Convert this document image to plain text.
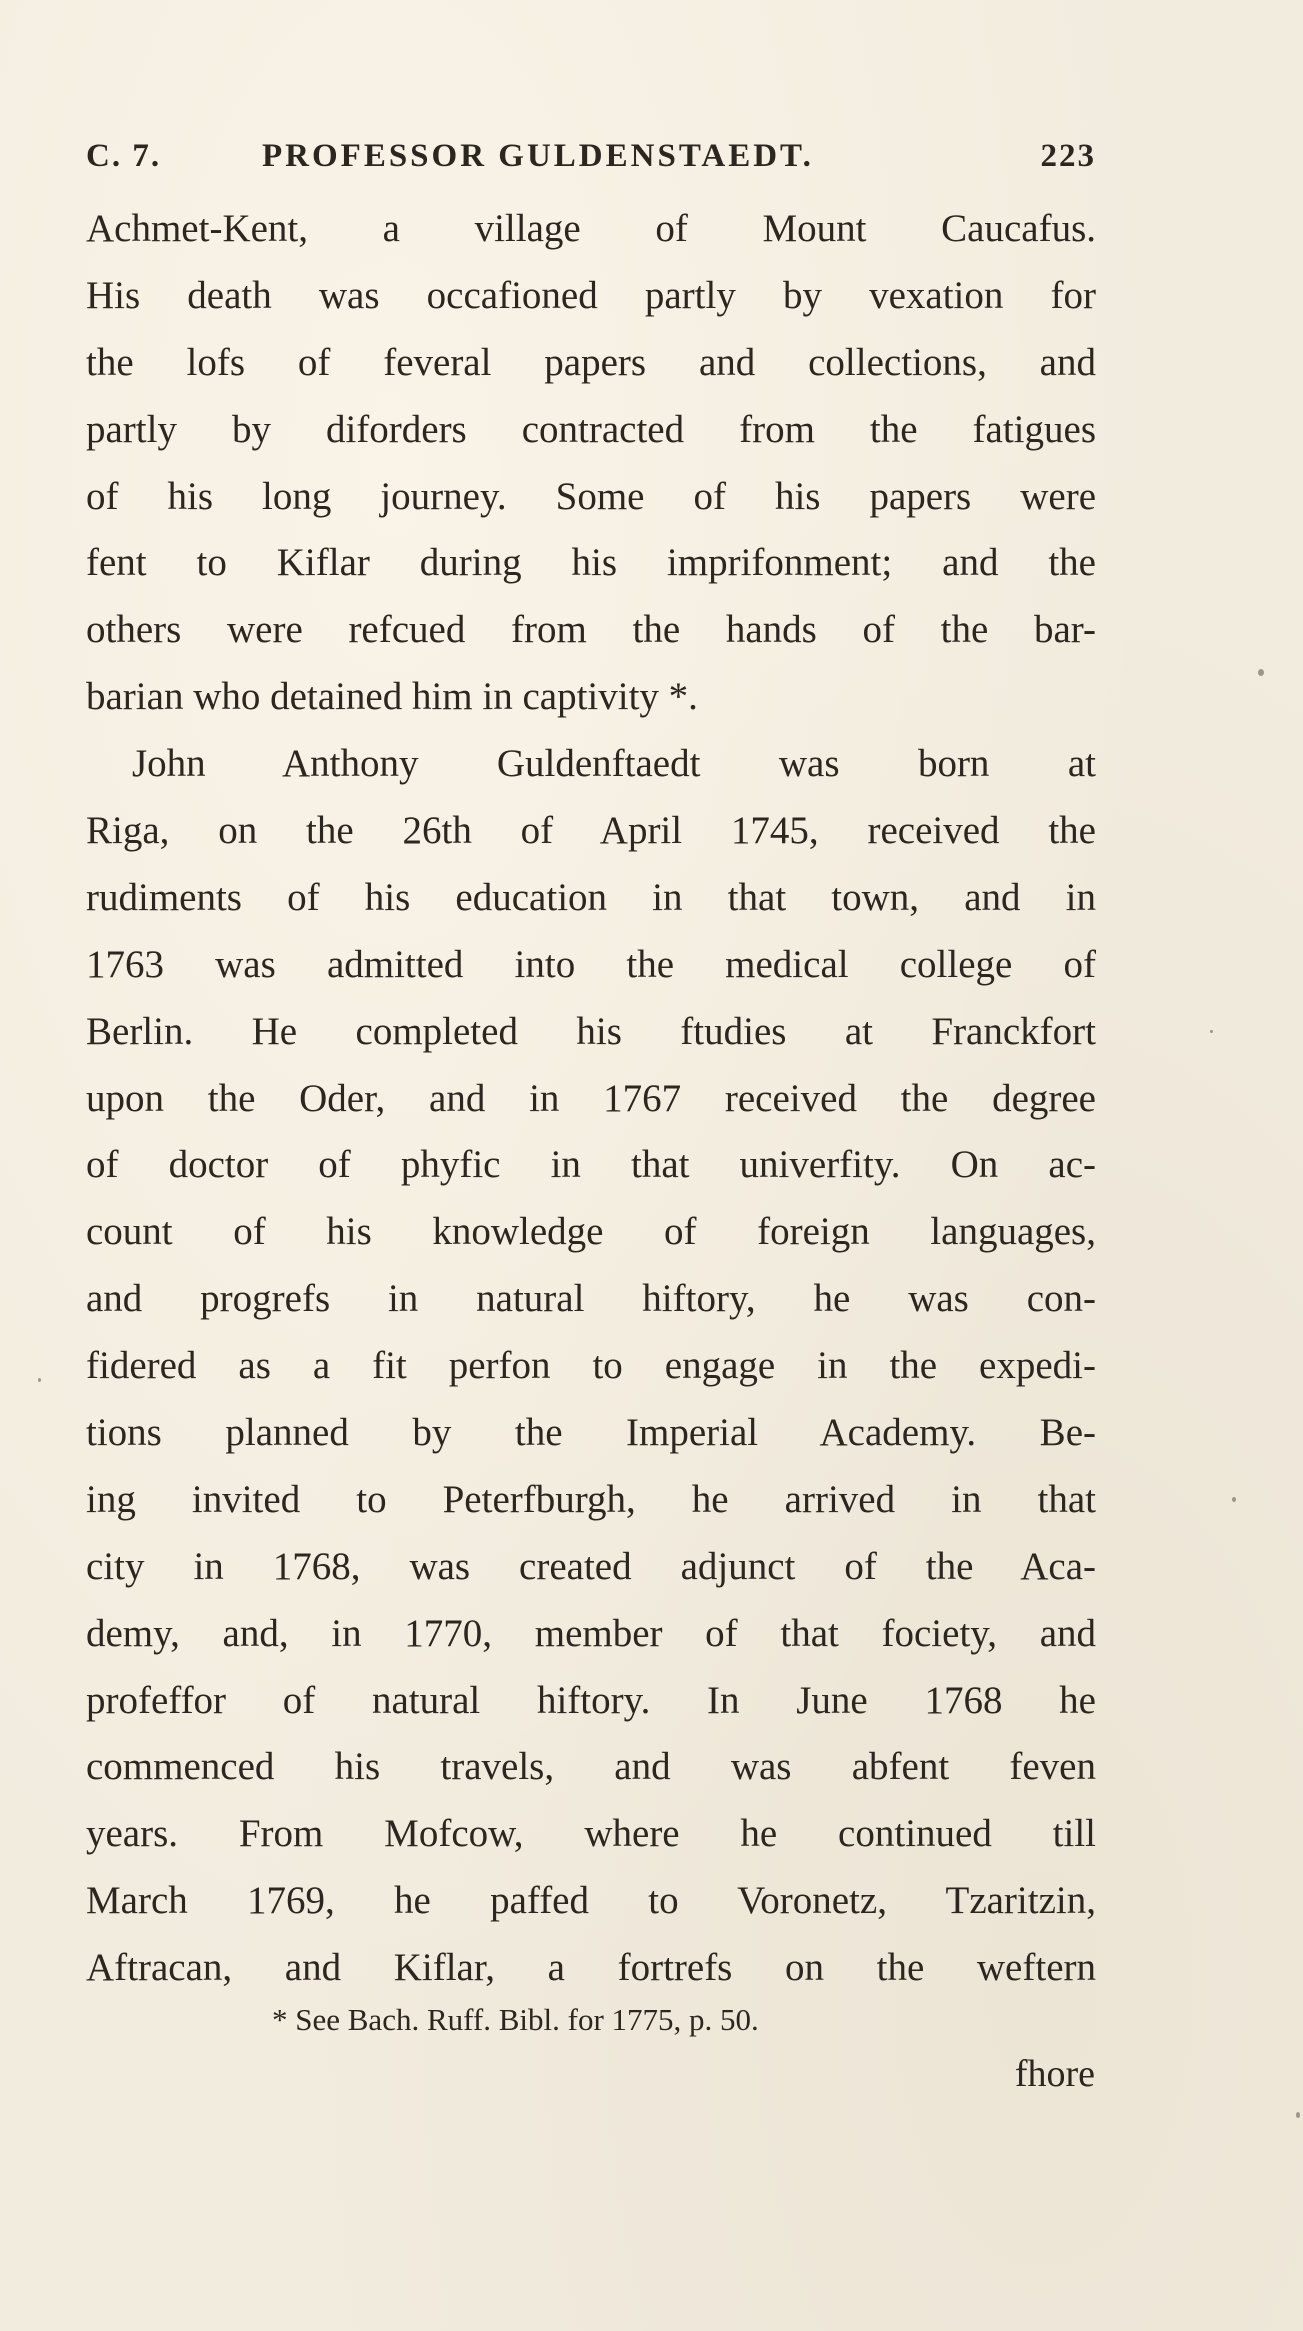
C. 7.	PROFESSOR GULDENSTAEDT.	223
Achmet-Kent, a village of Mount Caucafus.
His death was occafioned partly by vexation for
the lofs of feveral papers and collections, and
partly by diforders contracted from the fatigues
of his long journey. Some of his papers were
fent to Kiflar during his imprifonment; and the
others were refcued from the hands of the bar-
barian who detained him in captivity *.
John Anthony Guldenftaedt was born at
Riga, on the 26th of April 1745, received the
rudiments of his education in that town, and in
1763 was admitted into the medical college of
Berlin. He completed his ftudies at Franckfort
upon the Oder, and in 1767 received the degree
of doctor of phyfic in that univerfity. On ac-
count of his knowledge of foreign languages,
and progrefs in natural hiftory, he was con-
fidered as a fit perfon to engage in the expedi-
tions planned by the Imperial Academy. Be-
ing invited to Peterfburgh, he arrived in that
city in 1768, was created adjunct of the Aca-
demy, and, in 1770, member of that fociety, and
profeffor of natural hiftory. In June 1768 he
commenced his travels, and was abfent feven
years. From Mofcow, where he continued till
March 1769, he paffed to Voronetz, Tzaritzin,
Aftracan, and Kiflar, a fortrefs on the weftern
* See Bach. Ruff. Bibl. for 1775, p. 50.
fhore
